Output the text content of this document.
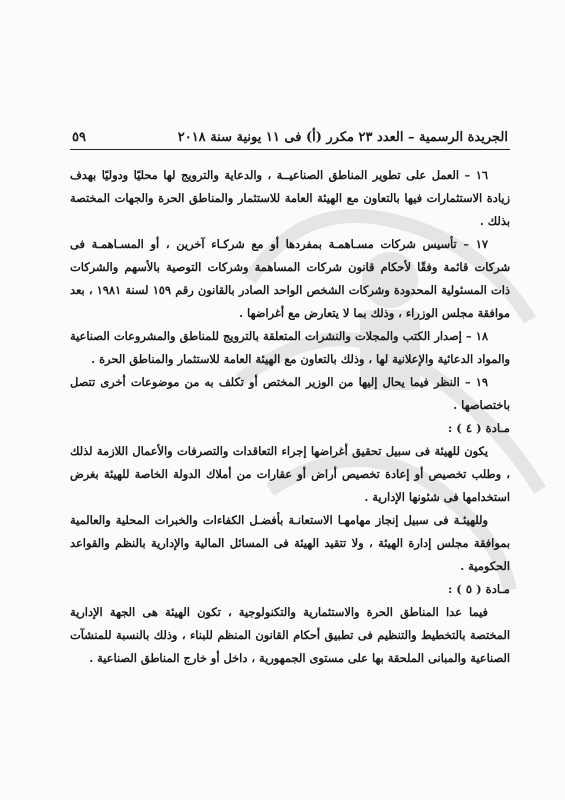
الجريدة الرسمية – العدد ٢٣ مكرر (أ) فى ١١ يونية سنة ٢٠١٨
٥٩

١٦ – العمل على تطوير المناطق الصناعيــة ، والدعاية والترويج لها محليًا ودوليًا بهدف زيادة الاستثمارات فيها بالتعاون مع الهيئة العامة للاستثمار والمناطق الحرة والجهات المختصة بذلك .

١٧ – تأسيس شركات مسـاهمـة بمفردها أو مع شركـاء آخرين ، أو المسـاهمـة فى شركات قائمة وفقًا لأحكام قانون شركات المساهمة وشركات التوصية بالأسهم والشركات ذات المسئولية المحدودة وشركات الشخص الواحد الصادر بالقانون رقم ١٥٩ لسنة ١٩٨١ ، بعد موافقة مجلس الوزراء ، وذلك بما لا يتعارض مع أغراضها .

١٨ – إصدار الكتب والمجلات والنشرات المتعلقة بالترويج للمناطق والمشروعات الصناعية والمواد الدعائية والإعلانية لها ، وذلك بالتعاون مع الهيئة العامة للاستثمار والمناطق الحرة .

١٩ – النظر فيما يحال إليها من الوزير المختص أو تكلف به من موضوعات أخرى تتصل باختصاصها .

مـادة ( ٤ ) :

يكون للهيئة فى سبيل تحقيق أغراضها إجراء التعاقدات والتصرفات والأعمال اللازمة لذلك ، وطلب تخصيص أو إعادة تخصيص أراض أو عقارات من أملاك الدولة الخاصة للهيئة بغرض استخدامها فى شئونها الإدارية .

وللهيئـة فى سبيل إنجاز مهامهـا الاستعانـة بأفضـل الكفاءات والخبرات المحلية والعالمية بموافقة مجلس إدارة الهيئة ، ولا تتقيد الهيئة فى المسائل المالية والإدارية بالنظم والقواعد الحكومية .

مـادة ( ٥ ) :

فيما عدا المناطق الحرة والاستثمارية والتكنولوجية ، تكون الهيئة هى الجهة الإدارية المختصة بالتخطيط والتنظيم فى تطبيق أحكام القانون المنظم للبناء ، وذلك بالنسبة للمنشآت الصناعية والمبانى الملحقة بها على مستوى الجمهورية ، داخل أو خارج المناطق الصناعية .
